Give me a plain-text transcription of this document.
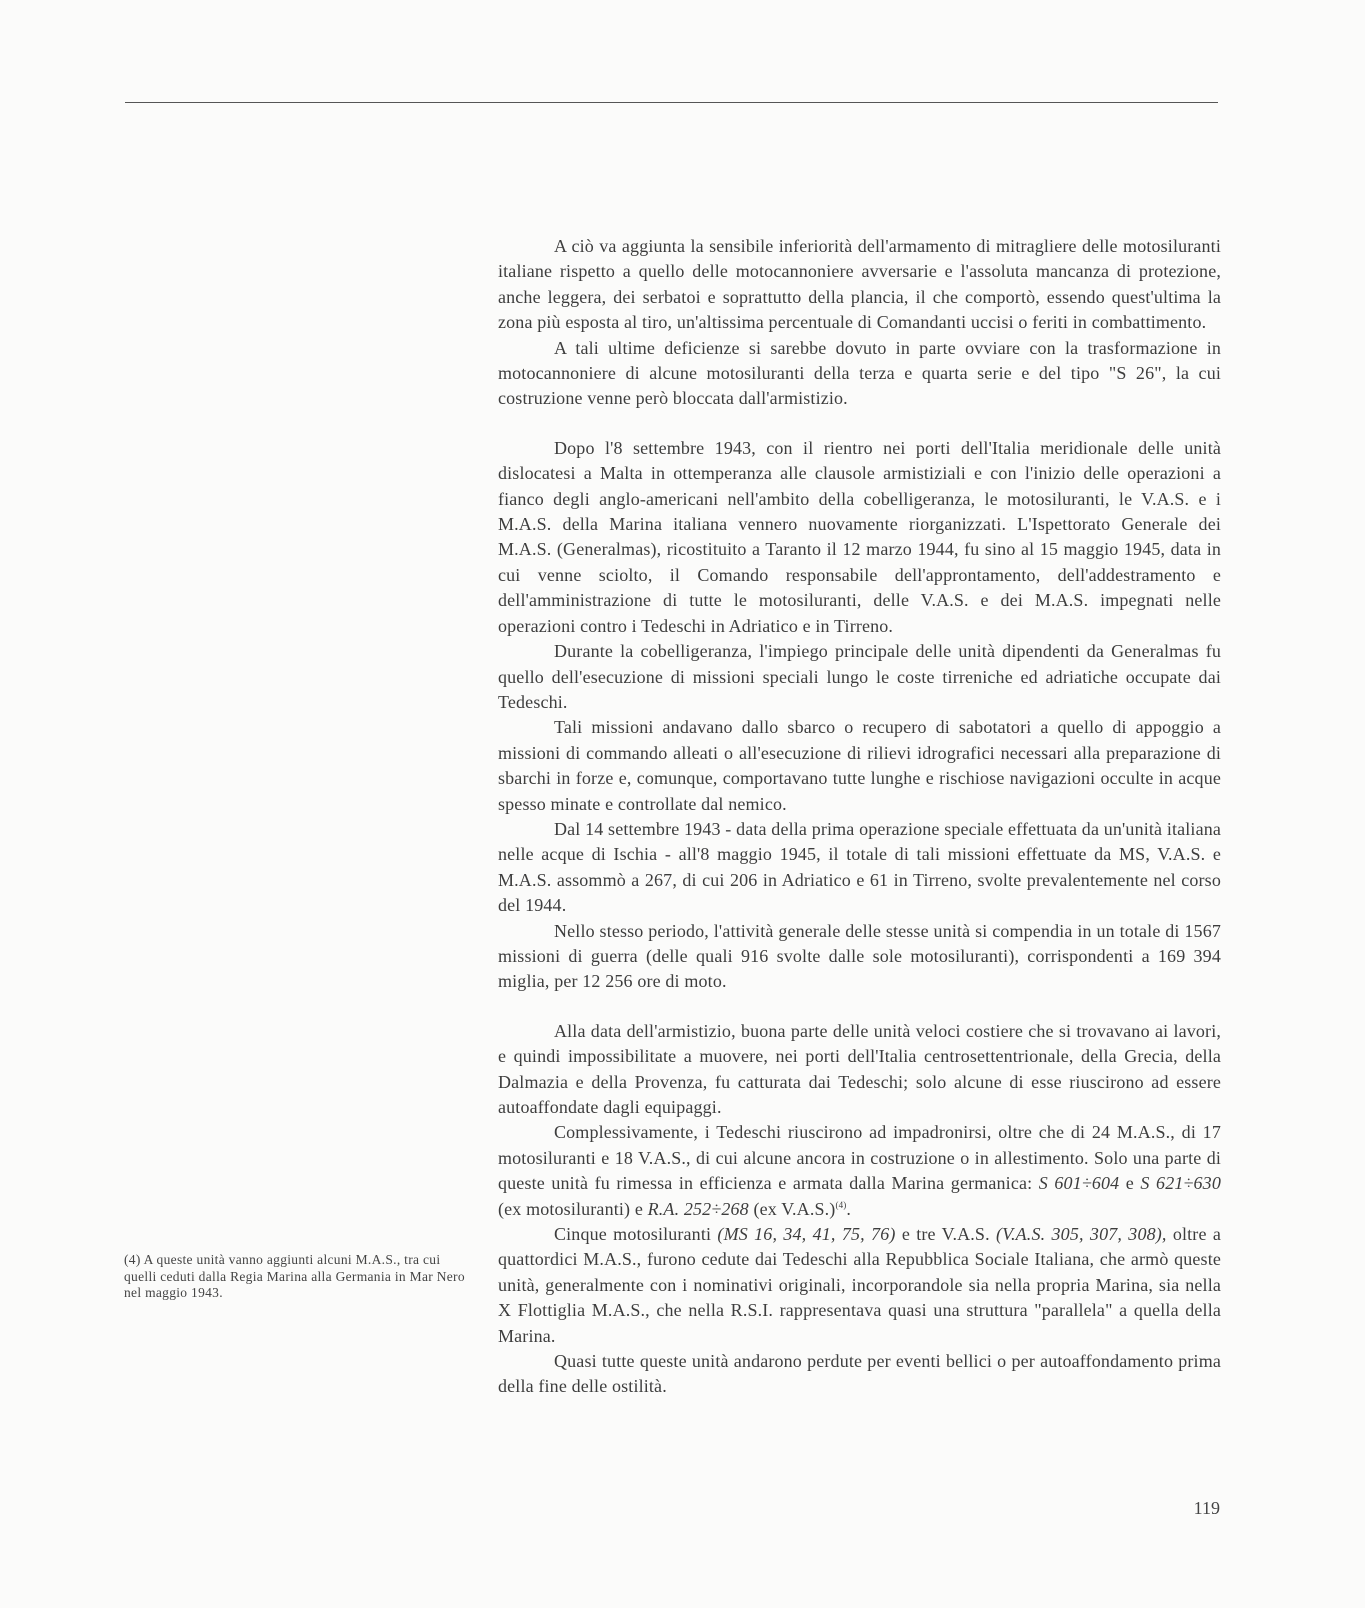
A ciò va aggiunta la sensibile inferiorità dell'armamento di mitragliere delle motosiluranti italiane rispetto a quello delle motocannoniere avversarie e l'assoluta mancanza di protezione, anche leggera, dei serbatoi e soprattutto della plancia, il che comportò, essendo quest'ultima la zona più esposta al tiro, un'altissima percentuale di Comandanti uccisi o feriti in combattimento.

A tali ultime deficienze si sarebbe dovuto in parte ovviare con la trasformazione in motocannoniere di alcune motosiluranti della terza e quarta serie e del tipo "S 26", la cui costruzione venne però bloccata dall'armistizio.

Dopo l'8 settembre 1943, con il rientro nei porti dell'Italia meridionale delle unità dislocatesi a Malta in ottemperanza alle clausole armistiziali e con l'inizio delle operazioni a fianco degli anglo-americani nell'ambito della cobelligeranza, le motosiluranti, le V.A.S. e i M.A.S. della Marina italiana vennero nuovamente riorganizzati. L'Ispettorato Generale dei M.A.S. (Generalmas), ricostituito a Taranto il 12 marzo 1944, fu sino al 15 maggio 1945, data in cui venne sciolto, il Comando responsabile dell'approntamento, dell'addestramento e dell'amministrazione di tutte le motosiluranti, delle V.A.S. e dei M.A.S. impegnati nelle operazioni contro i Tedeschi in Adriatico e in Tirreno.

Durante la cobelligeranza, l'impiego principale delle unità dipendenti da Generalmas fu quello dell'esecuzione di missioni speciali lungo le coste tirreniche ed adriatiche occupate dai Tedeschi.

Tali missioni andavano dallo sbarco o recupero di sabotatori a quello di appoggio a missioni di commando alleati o all'esecuzione di rilievi idrografici necessari alla preparazione di sbarchi in forze e, comunque, comportavano tutte lunghe e rischiose navigazioni occulte in acque spesso minate e controllate dal nemico.

Dal 14 settembre 1943 - data della prima operazione speciale effettuata da un'unità italiana nelle acque di Ischia - all'8 maggio 1945, il totale di tali missioni effettuate da MS, V.A.S. e M.A.S. assommò a 267, di cui 206 in Adriatico e 61 in Tirreno, svolte prevalentemente nel corso del 1944.

Nello stesso periodo, l'attività generale delle stesse unità si compendia in un totale di 1567 missioni di guerra (delle quali 916 svolte dalle sole motosiluranti), corrispondenti a 169 394 miglia, per 12 256 ore di moto.

Alla data dell'armistizio, buona parte delle unità veloci costiere che si trovavano ai lavori, e quindi impossibilitate a muovere, nei porti dell'Italia centrosettentrionale, della Grecia, della Dalmazia e della Provenza, fu catturata dai Tedeschi; solo alcune di esse riuscirono ad essere autoaffondate dagli equipaggi.

Complessivamente, i Tedeschi riuscirono ad impadronirsi, oltre che di 24 M.A.S., di 17 motosiluranti e 18 V.A.S., di cui alcune ancora in costruzione o in allestimento. Solo una parte di queste unità fu rimessa in efficienza e armata dalla Marina germanica: S 601÷604 e S 621÷630 (ex motosiluranti) e R.A. 252÷268 (ex V.A.S.)$^{(4)}$.

Cinque motosiluranti (MS 16, 34, 41, 75, 76) e tre V.A.S. (V.A.S. 305, 307, 308), oltre a quattordici M.A.S., furono cedute dai Tedeschi alla Repubblica Sociale Italiana, che armò queste unità, generalmente con i nominativi originali, incorporandole sia nella propria Marina, sia nella X Flottiglia M.A.S., che nella R.S.I. rappresentava quasi una struttura "parallela" a quella della Marina.

Quasi tutte queste unità andarono perdute per eventi bellici o per autoaffondamento prima della fine delle ostilità.

(4) A queste unità vanno aggiunti alcuni M.A.S., tra cui quelli ceduti dalla Regia Marina alla Germania in Mar Nero nel maggio 1943.
119
